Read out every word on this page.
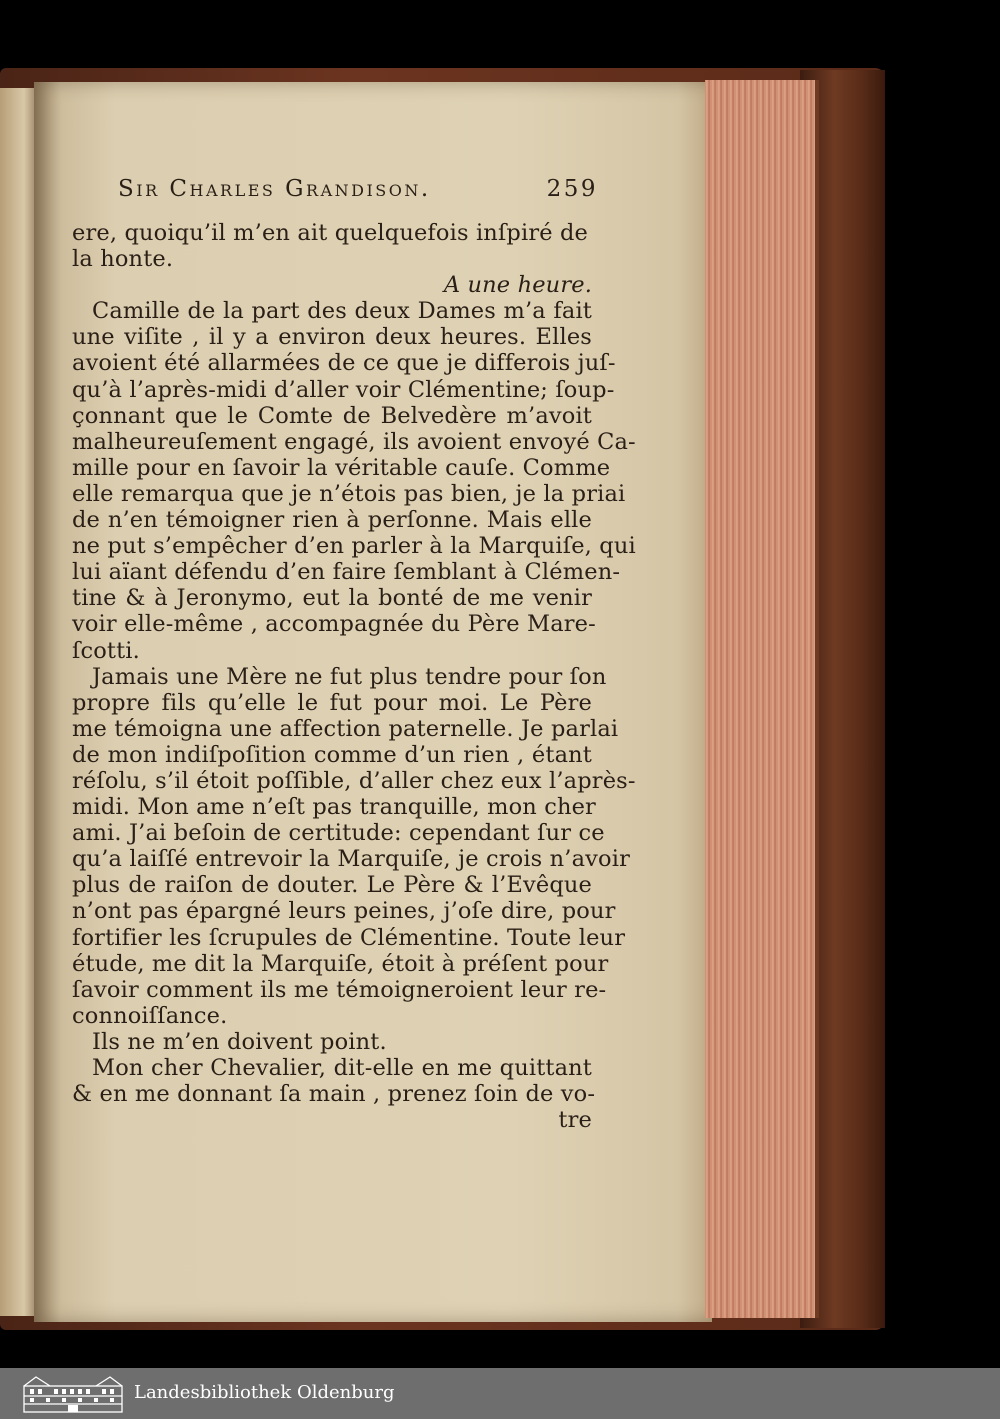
Sir Charles Grandison.	259
ere, quoiqu’il m’en ait quelquefois inſpiré de
la honte.
A une heure.
Camille de la part des deux Dames m’a fait
une viſite , il y a environ deux heures. Elles
avoient été allarmées de ce que je differois juſ-
qu’à l’après-midi d’aller voir Clémentine; ſoup-
çonnant que le Comte de Belvedère m’avoit
malheureuſement engagé, ils avoient envoyé Ca-
mille pour en ſavoir la véritable cauſe. Comme
elle remarqua que je n’étois pas bien, je la priai
de n’en témoigner rien à perſonne. Mais elle
ne put s’empêcher d’en parler à la Marquiſe, qui
lui aïant défendu d’en faire ſemblant à Clémen-
tine & à Jeronymo, eut la bonté de me venir
voir elle-même , accompagnée du Père Mare-
ſcotti.
Jamais une Mère ne fut plus tendre pour ſon
propre fils qu’elle le fut pour moi. Le Père
me témoigna une affection paternelle. Je parlai
de mon indiſpoſition comme d’un rien , étant
réſolu, s’il étoit poſſible, d’aller chez eux l’après-
midi. Mon ame n’eſt pas tranquille, mon cher
ami. J’ai beſoin de certitude: cependant ſur ce
qu’a laiſſé entrevoir la Marquiſe, je crois n’avoir
plus de raiſon de douter. Le Père & l’Evêque
n’ont pas épargné leurs peines, j’oſe dire, pour
fortifier les ſcrupules de Clémentine. Toute leur
étude, me dit la Marquiſe, étoit à préſent pour
ſavoir comment ils me témoigneroient leur re-
connoiſſance.
Ils ne m’en doivent point.
Mon cher Chevalier, dit-elle en me quittant
& en me donnant ſa main , prenez ſoin de vo-
tre
Landesbibliothek Oldenburg
